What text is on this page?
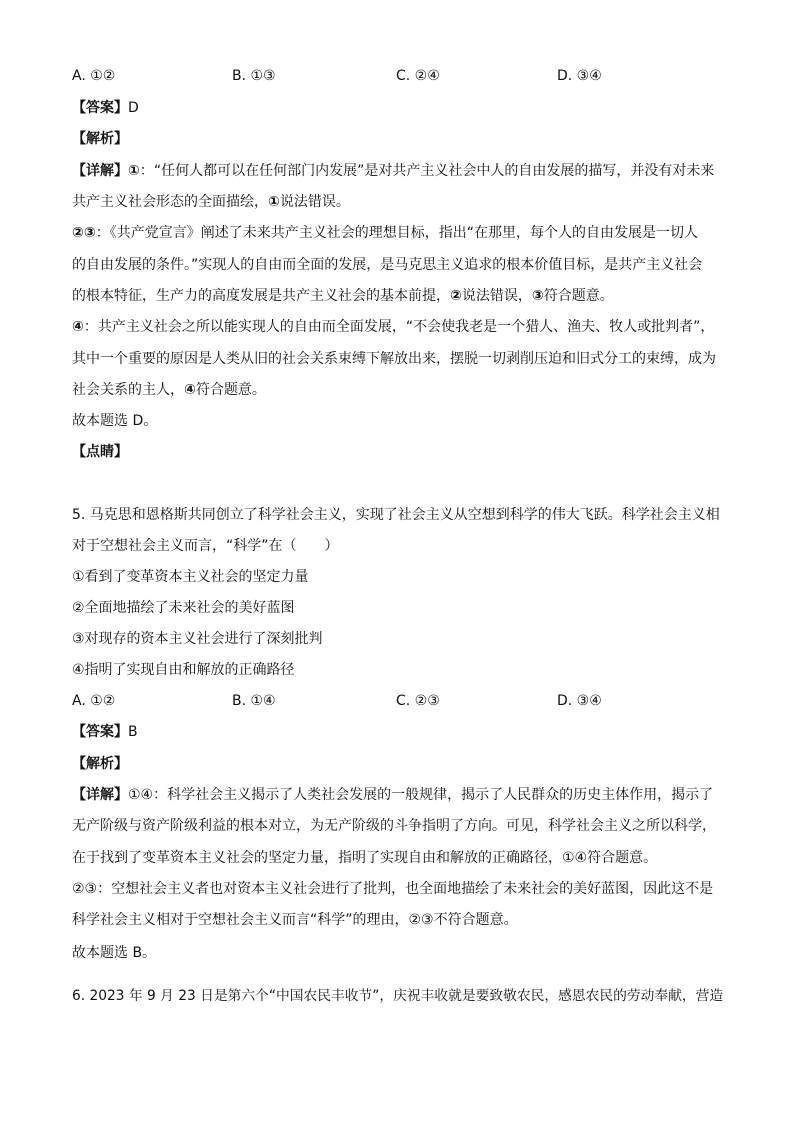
A. ①②	B. ①③	C. ②④	D. ③④
【答案】D
【解析】
【详解】①：“任何人都可以在任何部门内发展”是对共产主义社会中人的自由发展的描写，并没有对未来
共产主义社会形态的全面描绘，①说法错误。
②③：《共产党宣言》阐述了未来共产主义社会的理想目标，指出“在那里，每个人的自由发展是一切人
的自由发展的条件。”实现人的自由而全面的发展，是马克思主义追求的根本价值目标，是共产主义社会
的根本特征，生产力的高度发展是共产主义社会的基本前提，②说法错误，③符合题意。
④：共产主义社会之所以能实现人的自由而全面发展，“不会使我老是一个猎人、渔夫、牧人或批判者”，
其中一个重要的原因是人类从旧的社会关系束缚下解放出来，摆脱一切剥削压迫和旧式分工的束缚，成为
社会关系的主人，④符合题意。
故本题选 D。
【点睛】
5. 马克思和恩格斯共同创立了科学社会主义，实现了社会主义从空想到科学的伟大飞跃。科学社会主义相
对于空想社会主义而言，“科学”在（　　）
①看到了变革资本主义社会的坚定力量
②全面地描绘了未来社会的美好蓝图
③对现存的资本主义社会进行了深刻批判
④指明了实现自由和解放的正确路径
A. ①②	B. ①④	C. ②③	D. ③④
【答案】B
【解析】
【详解】①④：科学社会主义揭示了人类社会发展的一般规律，揭示了人民群众的历史主体作用，揭示了
无产阶级与资产阶级利益的根本对立，为无产阶级的斗争指明了方向。可见，科学社会主义之所以科学，
在于找到了变革资本主义社会的坚定力量，指明了实现自由和解放的正确路径，①④符合题意。
②③：空想社会主义者也对资本主义社会进行了批判，也全面地描绘了未来社会的美好蓝图，因此这不是
科学社会主义相对于空想社会主义而言“科学”的理由，②③不符合题意。
故本题选 B。
6. 2023 年 9 月 23 日是第六个“中国农民丰收节”，庆祝丰收就是要致敬农民，感恩农民的劳动奉献，营造
